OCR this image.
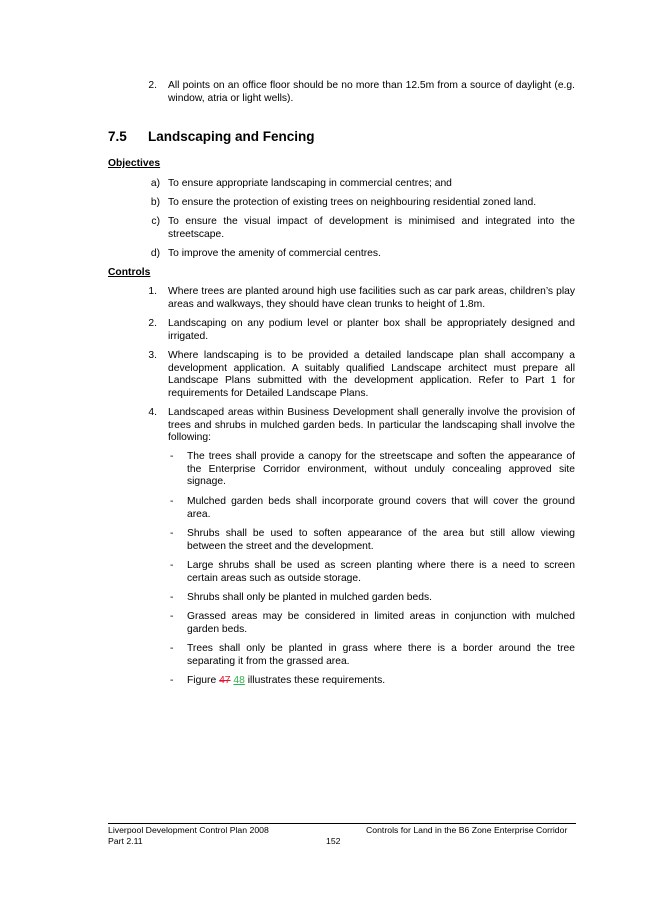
2. All points on an office floor should be no more than 12.5m from a source of daylight (e.g. window, atria or light wells).
7.5 Landscaping and Fencing
Objectives
a) To ensure appropriate landscaping in commercial centres; and
b) To ensure the protection of existing trees on neighbouring residential zoned land.
c) To ensure the visual impact of development is minimised and integrated into the streetscape.
d) To improve the amenity of commercial centres.
Controls
1. Where trees are planted around high use facilities such as car park areas, children’s play areas and walkways, they should have clean trunks to height of 1.8m.
2. Landscaping on any podium level or planter box shall be appropriately designed and irrigated.
3. Where landscaping is to be provided a detailed landscape plan shall accompany a development application. A suitably qualified Landscape architect must prepare all Landscape Plans submitted with the development application. Refer to Part 1 for requirements for Detailed Landscape Plans.
4. Landscaped areas within Business Development shall generally involve the provision of trees and shrubs in mulched garden beds. In particular the landscaping shall involve the following:
- The trees shall provide a canopy for the streetscape and soften the appearance of the Enterprise Corridor environment, without unduly concealing approved site signage.
- Mulched garden beds shall incorporate ground covers that will cover the ground area.
- Shrubs shall be used to soften appearance of the area but still allow viewing between the street and the development.
- Large shrubs shall be used as screen planting where there is a need to screen certain areas such as outside storage.
- Shrubs shall only be planted in mulched garden beds.
- Grassed areas may be considered in limited areas in conjunction with mulched garden beds.
- Trees shall only be planted in grass where there is a border around the tree separating it from the grassed area.
- Figure 47 48 illustrates these requirements.
Liverpool Development Control Plan 2008
Part 2.11
Controls for Land in the B6 Zone Enterprise Corridor
152
